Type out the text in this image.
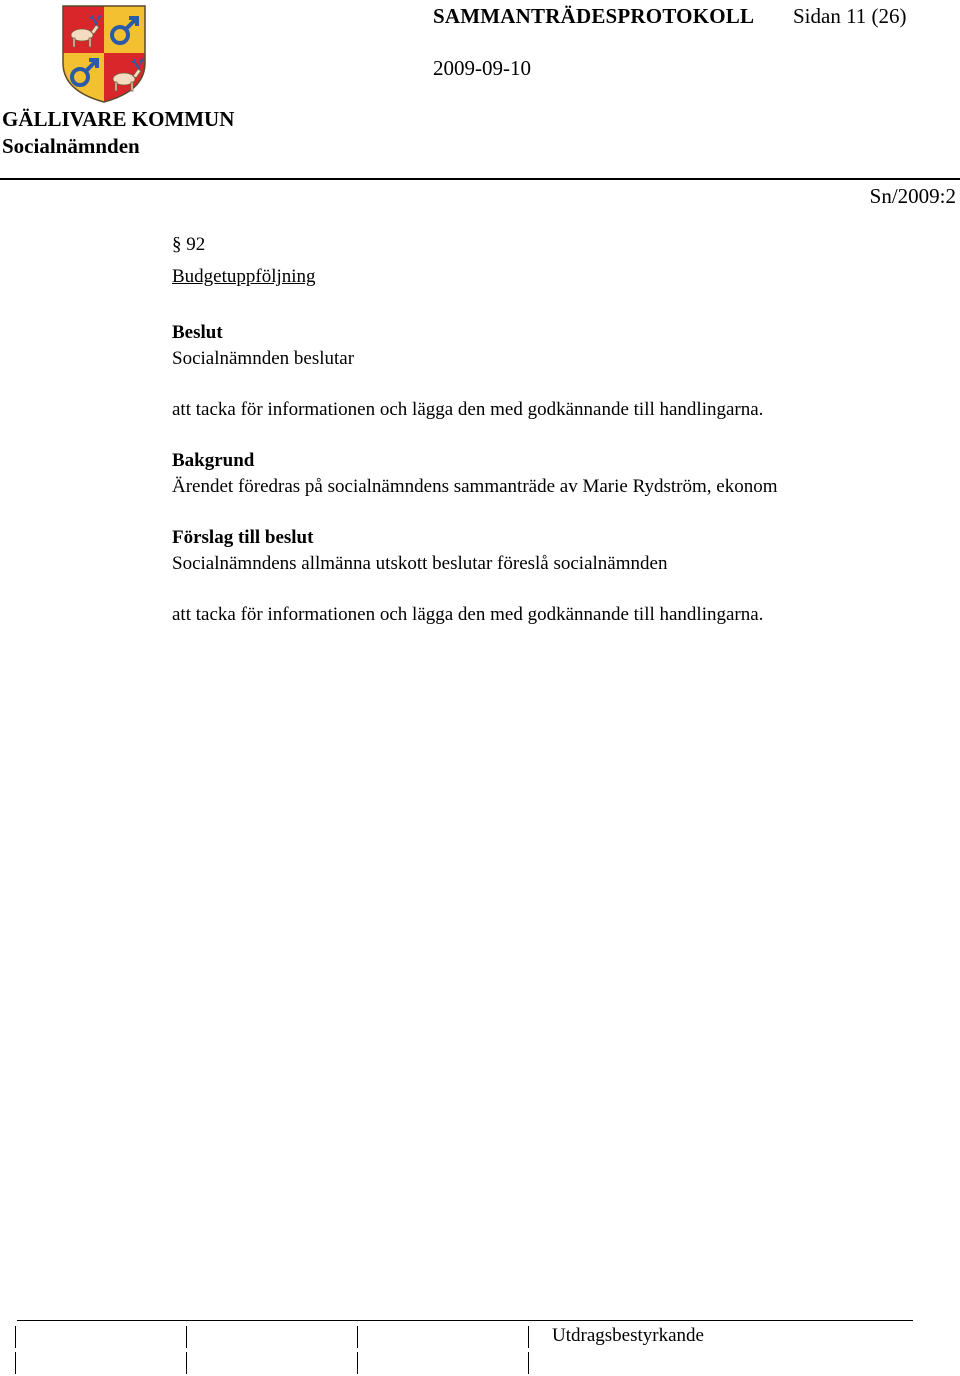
SAMMANTRÄDESPROTOKOLL Sidan 11 (26)
2009-09-10
GÄLLIVARE KOMMUN
Socialnämnden
Sn/2009:2
§ 92
Budgetuppföljning
Beslut
Socialnämnden beslutar
att tacka för informationen och lägga den med godkännande till handlingarna.
Bakgrund
Ärendet föredras på socialnämndens sammanträde av Marie Rydström, ekonom
Förslag till beslut
Socialnämndens allmänna utskott beslutar föreslå socialnämnden
att tacka för informationen och lägga den med godkännande till handlingarna.
Utdragsbestyrkande
